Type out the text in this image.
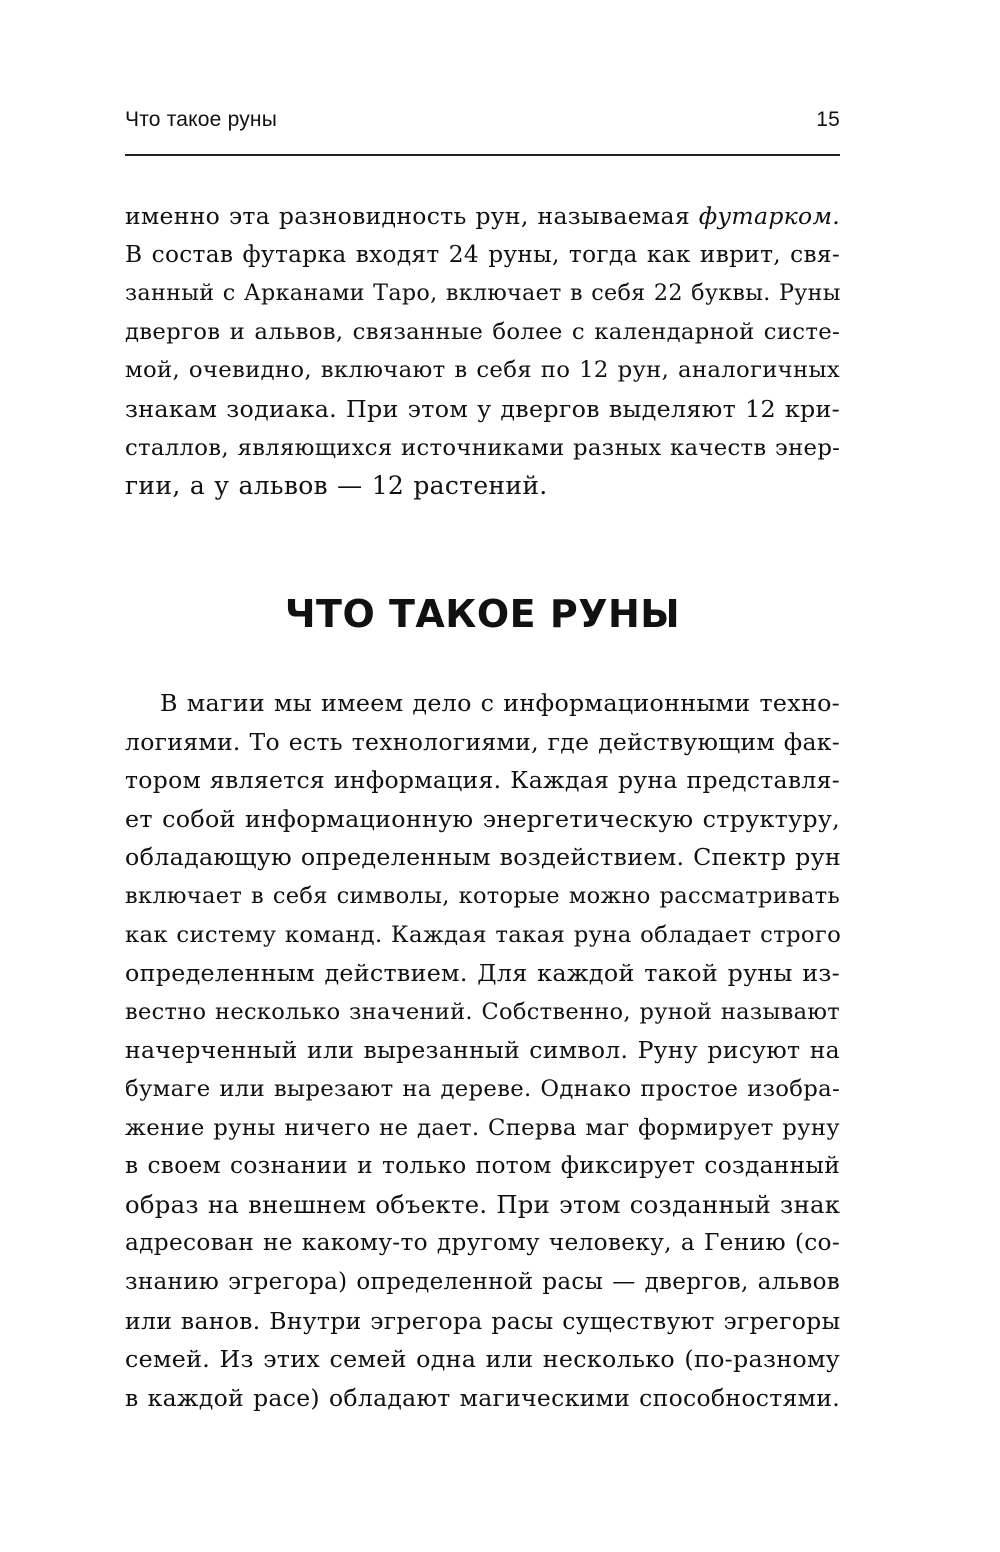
Что такое руны	15
именно эта разновидность рун, называемая футарком.
В состав футарка входят 24 руны, тогда как иврит, свя-
занный с Арканами Таро, включает в себя 22 буквы. Руны
двергов и альвов, связанные более с календарной систе-
мой, очевидно, включают в себя по 12 рун, аналогичных
знакам зодиака. При этом у двергов выделяют 12 кри-
сталлов, являющихся источниками разных качеств энер-
гии, а у альвов — 12 растений.
ЧТО ТАКОЕ РУНЫ
В магии мы имеем дело с информационными техно-
логиями. То есть технологиями, где действующим фак-
тором является информация. Каждая руна представля-
ет собой информационную энергетическую структуру,
обладающую определенным воздействием. Спектр рун
включает в себя символы, которые можно рассматривать
как систему команд. Каждая такая руна обладает строго
определенным действием. Для каждой такой руны из-
вестно несколько значений. Собственно, руной называют
начерченный или вырезанный символ. Руну рисуют на
бумаге или вырезают на дереве. Однако простое изобра-
жение руны ничего не дает. Сперва маг формирует руну
в своем сознании и только потом фиксирует созданный
образ на внешнем объекте. При этом созданный знак
адресован не какому-то другому человеку, а Гению (со-
знанию эгрегора) определенной расы — двергов, альвов
или ванов. Внутри эгрегора расы существуют эгрегоры
семей. Из этих семей одна или несколько (по-разному
в каждой расе) обладают магическими способностями.
